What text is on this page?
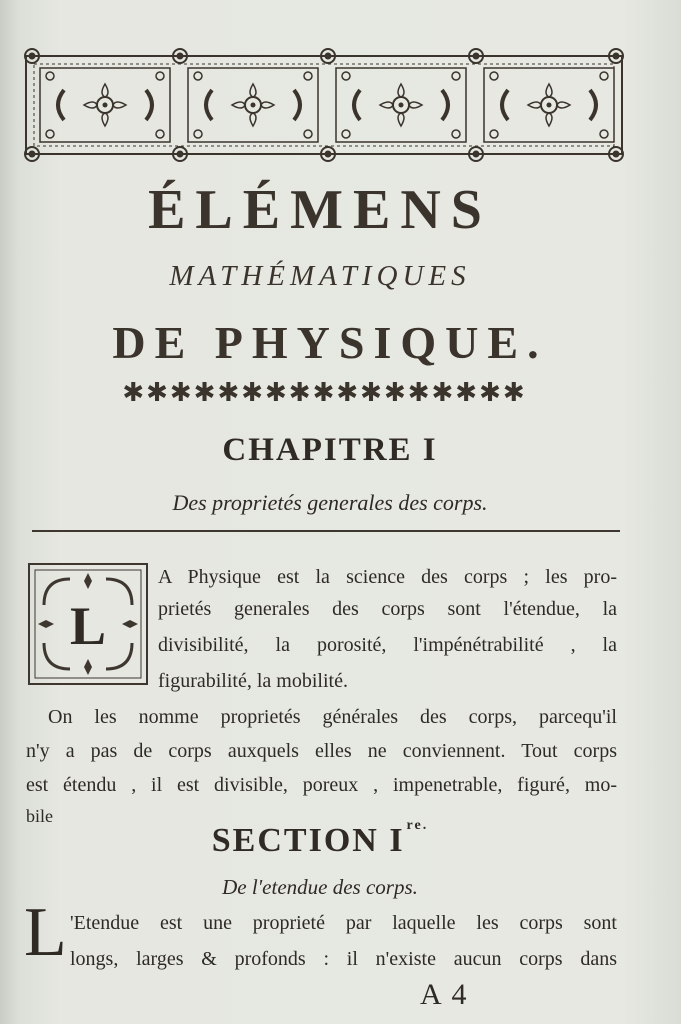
ÉLÉMENS
MATHÉMATIQUES
DE PHYSIQUE.
✱✱✱✱✱✱✱✱✱✱✱✱✱✱✱✱✱
CHAPITRE I
Des proprietés generales des corps.
L
A Physique est la science des corps ; les pro-
prietés generales des corps sont l'étendue, la
divisibilité, la porosité, l'impénétrabilité , la
figurabilité, la mobilité.
On les nomme proprietés générales des corps, parcequ'il
n'y a pas de corps auxquels elles ne conviennent. Tout corps
est étendu , il est divisible, poreux , impenetrable, figuré, mo-
bile
SECTION I $^{re.}$
De l'etendue des corps.
L 'Etendue est une proprieté par laquelle les corps sont
longs, larges & profonds : il n'existe aucun corps dans
A 4
